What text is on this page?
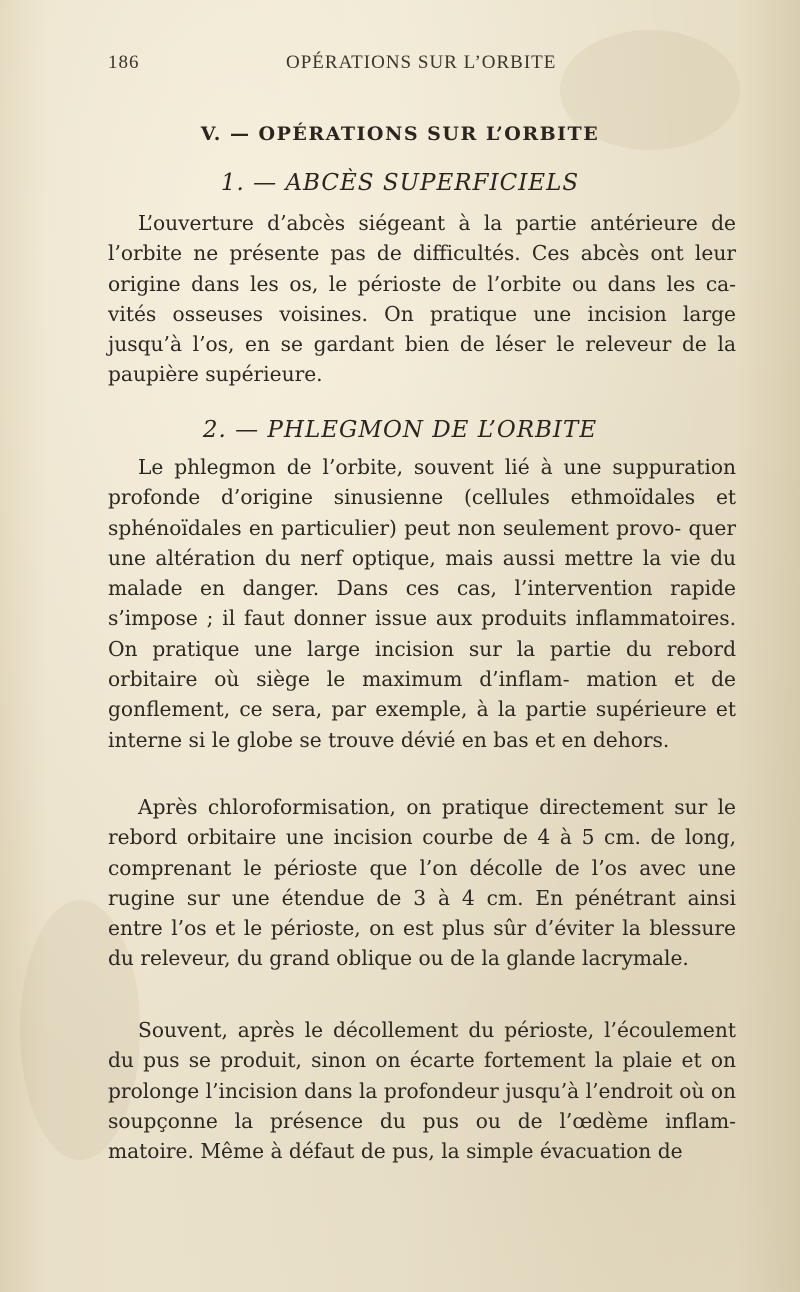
186	OPÉRATIONS SUR L’ORBITE
V. — OPÉRATIONS SUR L’ORBITE
1. — ABCÈS SUPERFICIELS

L’ouverture d’abcès siégeant à la partie antérieure de l’orbite ne présente pas de difficultés. Ces abcès ont leur origine dans les os, le périoste de l’orbite ou dans les ca- vités osseuses voisines. On pratique une incision large jusqu’à l’os, en se gardant bien de léser le releveur de la paupière supérieure.

2. — PHLEGMON DE L’ORBITE

Le phlegmon de l’orbite, souvent lié à une suppuration profonde d’origine sinusienne (cellules ethmoïdales et sphénoïdales en particulier) peut non seulement provo- quer une altération du nerf optique, mais aussi mettre la vie du malade en danger. Dans ces cas, l’intervention rapide s’impose ; il faut donner issue aux produits inflammatoires. On pratique une large incision sur la partie du rebord orbitaire où siège le maximum d’inflam- mation et de gonflement, ce sera, par exemple, à la partie supérieure et interne si le globe se trouve dévié en bas et en dehors.

Après chloroformisation, on pratique directement sur le rebord orbitaire une incision courbe de 4 à 5 cm. de long, comprenant le périoste que l’on décolle de l’os avec une rugine sur une étendue de 3 à 4 cm. En pénétrant ainsi entre l’os et le périoste, on est plus sûr d’éviter la blessure du releveur, du grand oblique ou de la glande lacrymale.

Souvent, après le décollement du périoste, l’écoulement du pus se produit, sinon on écarte fortement la plaie et on prolonge l’incision dans la profondeur jusqu’à l’endroit où on soupçonne la présence du pus ou de l’œdème inflam- matoire. Même à défaut de pus, la simple évacuation de
